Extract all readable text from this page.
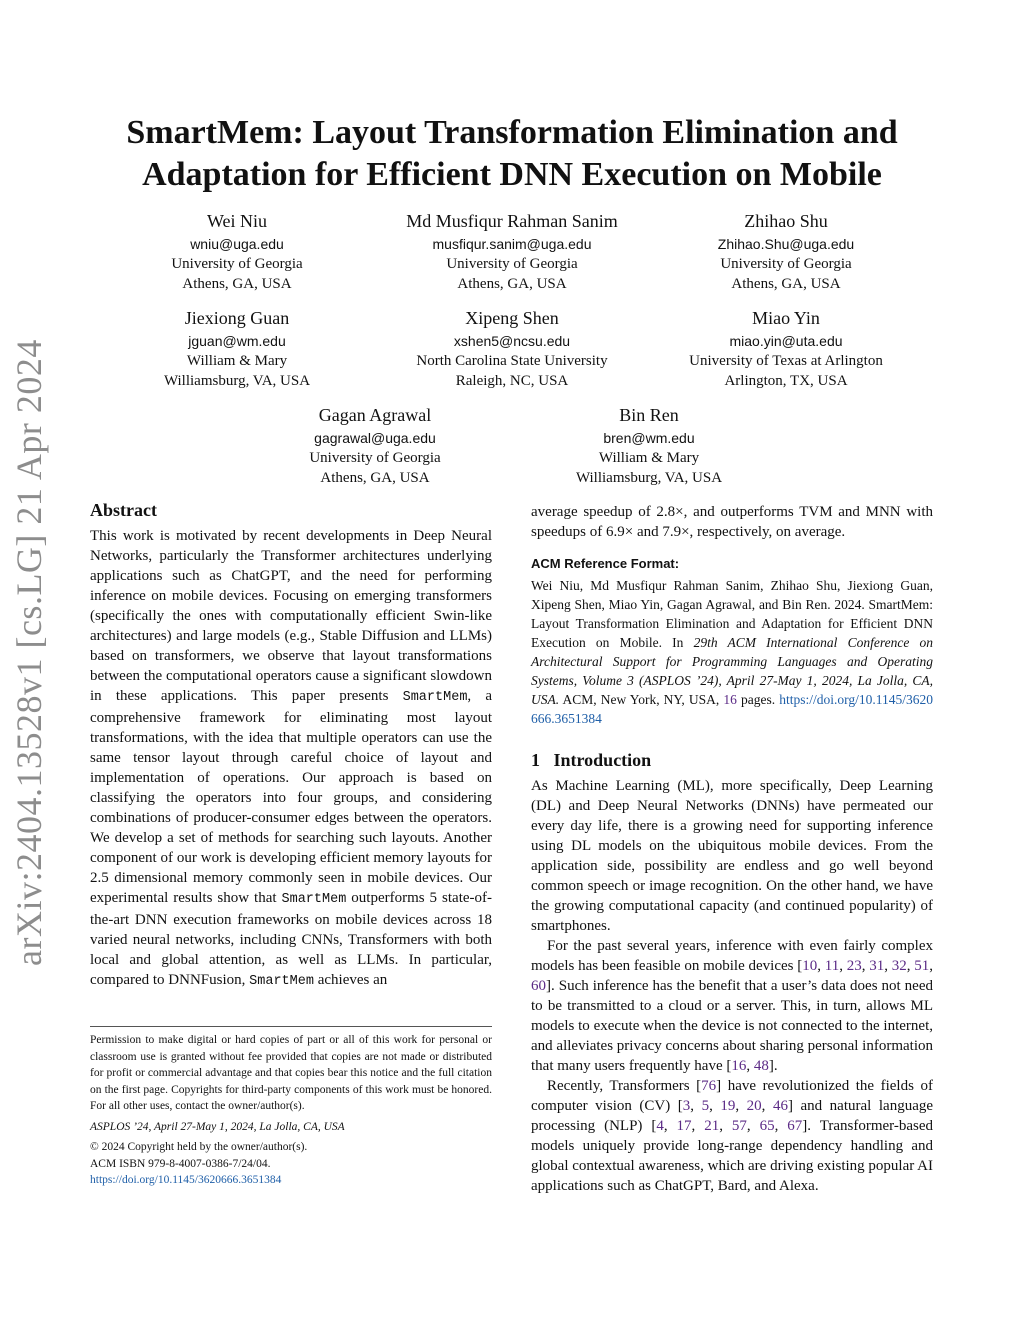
arXiv:2404.13528v1 [cs.LG] 21 Apr 2024
SmartMem: Layout Transformation Elimination and
Adaptation for Efficient DNN Execution on Mobile
Wei Niu
wniu@uga.edu
University of Georgia
Athens, GA, USA
Md Musfiqur Rahman Sanim
musfiqur.sanim@uga.edu
University of Georgia
Athens, GA, USA
Zhihao Shu
Zhihao.Shu@uga.edu
University of Georgia
Athens, GA, USA
Jiexiong Guan
jguan@wm.edu
William & Mary
Williamsburg, VA, USA
Xipeng Shen
xshen5@ncsu.edu
North Carolina State University
Raleigh, NC, USA
Miao Yin
miao.yin@uta.edu
University of Texas at Arlington
Arlington, TX, USA
Gagan Agrawal
gagrawal@uga.edu
University of Georgia
Athens, GA, USA
Bin Ren
bren@wm.edu
William & Mary
Williamsburg, VA, USA
Abstract

This work is motivated by recent developments in Deep Neural Networks, particularly the Transformer architectures underlying applications such as ChatGPT, and the need for performing inference on mobile devices. Focusing on emerging transformers (specifically the ones with computationally efficient Swin-like architectures) and large models (e.g., Stable Diffusion and LLMs) based on transformers, we observe that layout transformations between the computational operators cause a significant slowdown in these applications. This paper presents SmartMem, a comprehensive framework for eliminating most layout transformations, with the idea that multiple operators can use the same tensor layout through careful choice of layout and implementation of operations. Our approach is based on classifying the operators into four groups, and considering combinations of producer-consumer edges between the operators. We develop a set of methods for searching such layouts. Another component of our work is developing efficient memory layouts for 2.5 dimensional memory commonly seen in mobile devices. Our experimental results show that SmartMem outperforms 5 state-of-the-art DNN execution frameworks on mobile devices across 18 varied neural networks, including CNNs, Transformers with both local and global attention, as well as LLMs. In particular, compared to DNNFusion, SmartMem achieves an

Permission to make digital or hard copies of part or all of this work for personal or classroom use is granted without fee provided that copies are not made or distributed for profit or commercial advantage and that copies bear this notice and the full citation on the first page. Copyrights for third-party components of this work must be honored. For all other uses, contact the owner/author(s).

ASPLOS ’24, April 27-May 1, 2024, La Jolla, CA, USA

© 2024 Copyright held by the owner/author(s).

ACM ISBN 979-8-4007-0386-7/24/04.

https://doi.org/10.1145/3620666.3651384

average speedup of 2.8×, and outperforms TVM and MNN with speedups of 6.9× and 7.9×, respectively, on average.

ACM Reference Format:

Wei Niu, Md Musfiqur Rahman Sanim, Zhihao Shu, Jiexiong Guan, Xipeng Shen, Miao Yin, Gagan Agrawal, and Bin Ren. 2024. SmartMem: Layout Transformation Elimination and Adaptation for Efficient DNN Execution on Mobile. In 29th ACM International Conference on Architectural Support for Programming Languages and Operating Systems, Volume 3 (ASPLOS ’24), April 27-May 1, 2024, La Jolla, CA, USA. ACM, New York, NY, USA, 16 pages. https://doi.org/10.1145/3620666.3651384

1 Introduction

As Machine Learning (ML), more specifically, Deep Learning (DL) and Deep Neural Networks (DNNs) have permeated our every day life, there is a growing need for supporting inference using DL models on the ubiquitous mobile devices. From the application side, possibility are endless and go well beyond common speech or image recognition. On the other hand, we have the growing computational capacity (and continued popularity) of smartphones.

For the past several years, inference with even fairly complex models has been feasible on mobile devices [10, 11, 23, 31, 32, 51, 60]. Such inference has the benefit that a user’s data does not need to be transmitted to a cloud or a server. This, in turn, allows ML models to execute when the device is not connected to the internet, and alleviates privacy concerns about sharing personal information that many users frequently have [16, 48].

Recently, Transformers [76] have revolutionized the fields of computer vision (CV) [3, 5, 19, 20, 46] and natural language processing (NLP) [4, 17, 21, 57, 65, 67]. Transformer-based models uniquely provide long-range dependency handling and global contextual awareness, which are driving existing popular AI applications such as ChatGPT, Bard, and Alexa.
